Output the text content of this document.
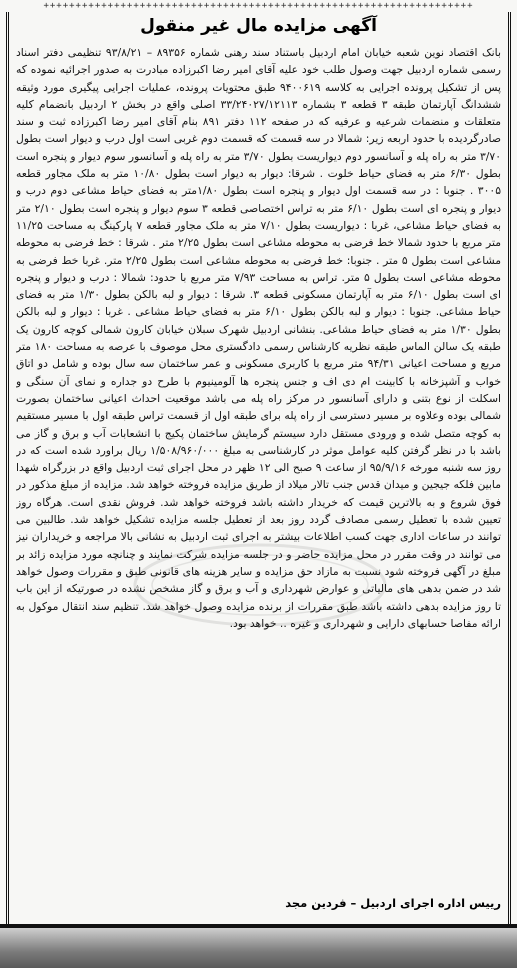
+++++++++++++++++++++++++++++++++++++++++++++++++++++++++++++++++++
آگهی مزایده مال غیر منقول
بانک اقتصاد نوین شعبه خیابان امام اردبیل باستناد سند رهنی شماره ۸۹۳۵۶ – ۹۳/۸/۲۱ تنظیمی دفتر اسناد رسمی شماره اردبیل جهت وصول طلب خود علیه آقای امیر رضا اکبرزاده مبادرت به صدور اجرائیه نموده که پس از تشکیل پرونده اجرایی به کلاسه ۹۴۰۰۶۱۹ طبق محتویات پرونده، عملیات اجرایی پیگیری مورد وثیقه ششدانگ آپارتمان طبقه ۳ قطعه ۳ بشماره ۳۳/۲۴۰۲۷/۱۲۱۱۳ اصلی واقع در بخش ۲ اردبیل بانضمام کلیه متعلقات و منضمات شرعیه و عرفیه که در صفحه ۱۱۲ دفتر ۸۹۱ بنام آقای امیر رضا اکبرزاده ثبت و سند صادرگردیده با حدود اربعه زیر: شمالا در سه قسمت که قسمت دوم غربی است اول درب و دیوار است بطول ۳/۷۰ متر به راه پله و آسانسور دوم دیواریست بطول ۳/۷۰ متر به راه پله و آسانسور سوم دیوار و پنجره است بطول ۶/۳۰ متر به فضای حیاط خلوت . شرقا: دیوار به دیوار است بطول ۱۰/۸۰ متر به ملک مجاور قطعه ۳۰۰۵ . جنوبا : در سه قسمت اول دیوار و پنجره است بطول ۱/۸۰متر به فضای حیاط مشاعی دوم درب و دیوار و پنجره ای است بطول ۶/۱۰ متر به تراس اختصاصی قطعه ۳ سوم دیوار و پنجره است بطول ۲/۱۰ متر به فضای حیاط مشاعی، غربا : دیواریست بطول ۷/۱۰ متر به ملک مجاور قطعه ۷ پارکینگ به مساحت ۱۱/۲۵ متر مربع با حدود شمالا خط فرضی به محوطه مشاعی است بطول ۲/۲۵ متر . شرقا : خط فرضی به محوطه مشاعی است بطول ۵ متر . جنوبا: خط فرضی به محوطه مشاعی است بطول ۲/۲۵ متر. غربا خط فرضی به محوطه مشاعی است بطول ۵ متر. تراس به مساحت ۷/۹۳ متر مربع با حدود: شمالا : درب و دیوار و پنجره ای است بطول ۶/۱۰ متر به آپارتمان مسکونی قطعه ۳. شرقا : دیوار و لبه بالکن بطول ۱/۳۰ متر به فضای حیاط مشاعی. جنوبا : دیوار و لبه بالکن بطول ۶/۱۰ متر به فضای حیاط مشاعی . غربا : دیوار و لبه بالکن بطول ۱/۳۰ متر به فضای حیاط مشاعی. بنشانی اردبیل شهرک سبلان خیابان کارون شمالی کوچه کارون یک طبقه یک سالن الماس طبقه نظریه کارشناس رسمی دادگستری محل موصوف با عرصه به مساحت ۱۸۰ متر مربع و مساحت اعیانی ۹۴/۳۱ متر مربع با کاربری مسکونی و عمر ساختمان سه سال بوده و شامل دو اتاق خواب و آشپزخانه با کابینت ام دی اف و جنس پنجره ها آلومینیوم با طرح دو جداره و نمای آن سنگی و اسکلت از نوع بتنی و دارای آسانسور در مرکز راه پله می باشد موقعیت احداث اعیانی ساختمان بصورت شمالی بوده وعلاوه بر مسیر دسترسی از راه پله برای طبقه اول از قسمت تراس طبقه اول با مسیر مستقیم به کوچه متصل شده و ورودی مستقل دارد سیستم گرمایش ساختمان پکیج با انشعابات آب و برق و گاز می باشد با در نظر گرفتن کلیه عوامل موثر در کارشناسی به مبلغ ۱/۵۰۸/۹۶۰/۰۰۰ ریال براورد شده است که در روز سه شنبه مورخه ۹۵/۹/۱۶ از ساعت ۹ صبح الی ۱۲ ظهر در محل اجرای ثبت اردبیل واقع در بزرگراه شهدا مابین فلکه جیجین و میدان قدس جنب تالار میلاد از طریق مزایده فروخته خواهد شد. مزایده از مبلغ مذکور در فوق شروع و به بالاترین قیمت که خریدار داشته باشد فروخته خواهد شد. فروش نقدی است. هرگاه روز تعیین شده با تعطیل رسمی مصادف گردد روز بعد از تعطیل جلسه مزایده تشکیل خواهد شد. طالبین می توانند در ساعات اداری جهت کسب اطلاعات بیشتر به اجرای ثبت اردبیل به نشانی بالا مراجعه و خریداران نیز می توانند در وقت مقرر در محل مزایده حاضر و در جلسه مزایده شرکت نمایند و چنانچه مورد مزایده زائد بر مبلغ در آگهی فروخته شود نسبت به مازاد حق مزایده و سایر هزینه های قانونی طبق و مقررات وصول خواهد شد در ضمن بدهی های مالیاتی و عوارض شهرداری و آب و برق و گاز مشخص نشده در صورتیکه از این باب تا روز مزایده بدهی داشته باشد طبق مقررات از برنده مزایده وصول خواهد شد. تنظیم سند انتقال موکول به ارائه مفاصا حسابهای دارایی و شهرداری و غیره .. خواهد بود.
رییس اداره اجرای اردبیل – فردین مجد
